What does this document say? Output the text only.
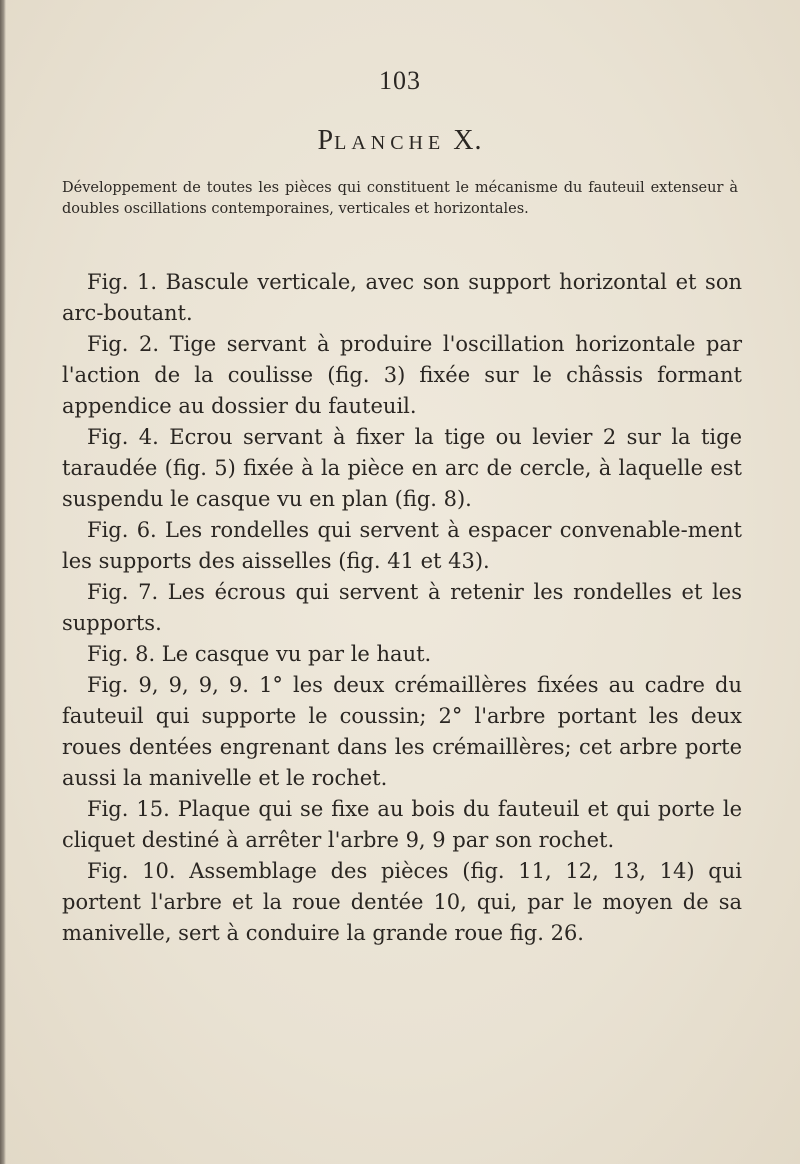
103
PLANCHE X.
Développement de toutes les pièces qui constituent le mécanisme du fauteuil extenseur à doubles oscillations contemporaines, verticales et horizontales.

Fig. 1. Bascule verticale, avec son support horizontal et son arc-boutant.

Fig. 2. Tige servant à produire l'oscillation horizontale par l'action de la coulisse (fig. 3) fixée sur le châssis formant appendice au dossier du fauteuil.

Fig. 4. Ecrou servant à fixer la tige ou levier 2 sur la tige taraudée (fig. 5) fixée à la pièce en arc de cercle, à laquelle est suspendu le casque vu en plan (fig. 8).

Fig. 6. Les rondelles qui servent à espacer convenable-ment les supports des aisselles (fig. 41 et 43).

Fig. 7. Les écrous qui servent à retenir les rondelles et les supports.

Fig. 8. Le casque vu par le haut.

Fig. 9, 9, 9, 9. 1° les deux crémaillères fixées au cadre du fauteuil qui supporte le coussin; 2° l'arbre portant les deux roues dentées engrenant dans les crémaillères; cet arbre porte aussi la manivelle et le rochet.

Fig. 15. Plaque qui se fixe au bois du fauteuil et qui porte le cliquet destiné à arrêter l'arbre 9, 9 par son rochet.

Fig. 10. Assemblage des pièces (fig. 11, 12, 13, 14) qui portent l'arbre et la roue dentée 10, qui, par le moyen de sa manivelle, sert à conduire la grande roue fig. 26.
